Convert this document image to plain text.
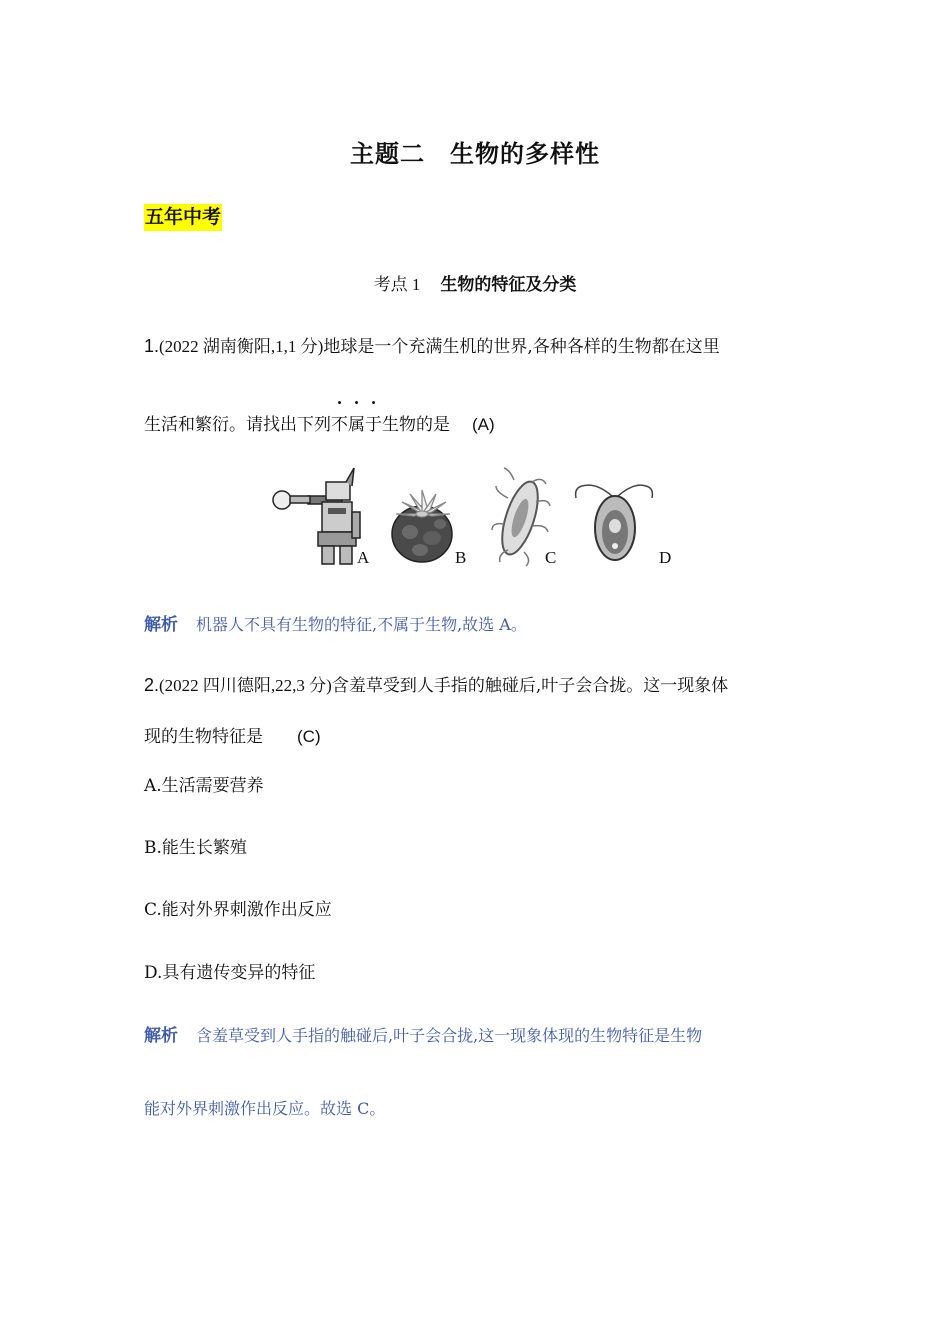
主题二　生物的多样性
五年中考
考点 1 生物的特征及分类
1.(2022 湖南衡阳,1,1 分)地球是一个充满生机的世界,各种各样的生物都在这里
生活和繁衍。请找出下列不属于生物的是 (A)
A	B	C	D
解析 机器人不具有生物的特征,不属于生物,故选 A。
2.(2022 四川德阳,22,3 分)含羞草受到人手指的触碰后,叶子会合拢。这一现象体
现的生物特征是 (C)
A.生活需要营养
B.能生长繁殖
C.能对外界刺激作出反应
D.具有遗传变异的特征
解析 含羞草受到人手指的触碰后,叶子会合拢,这一现象体现的生物特征是生物
能对外界刺激作出反应。故选 C。
